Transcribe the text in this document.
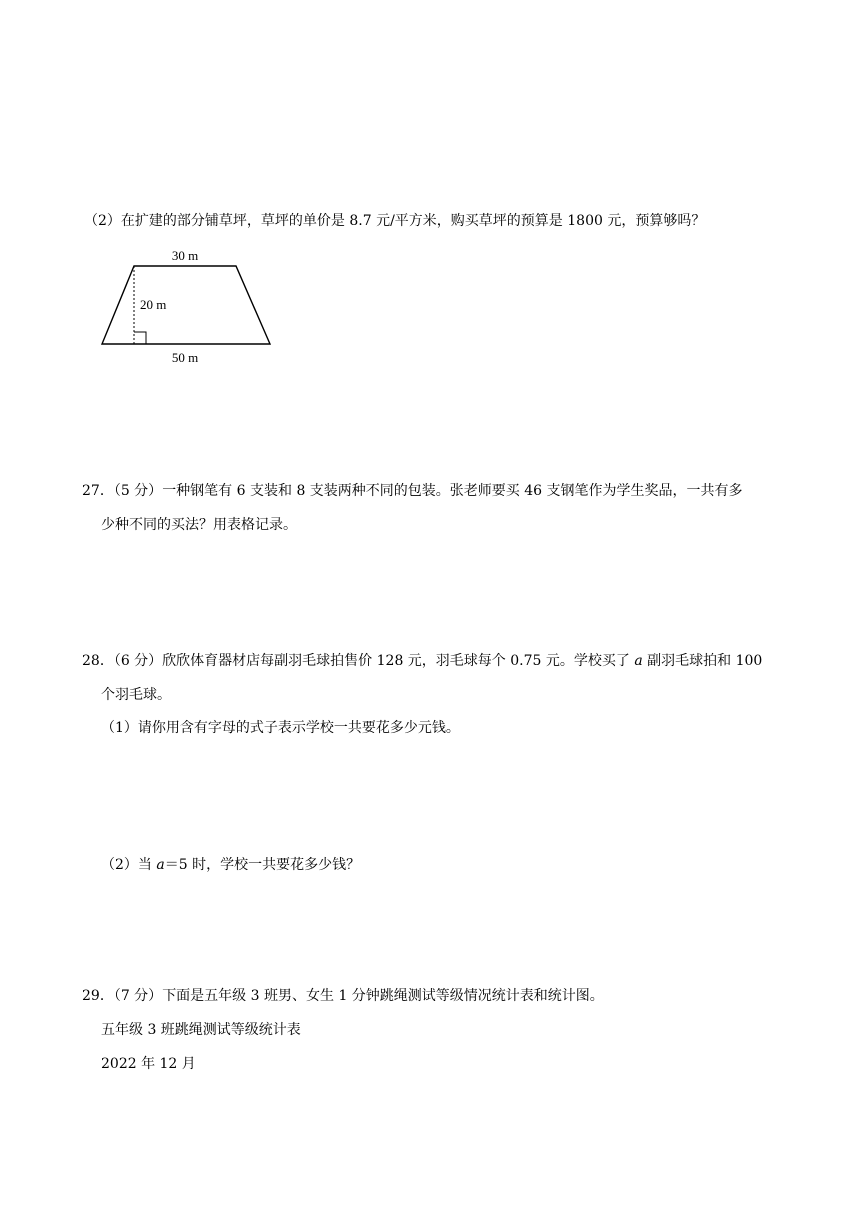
（2）在扩建的部分铺草坪，草坪的单价是 8.7 元/平方米，购买草坪的预算是 1800 元，预算够吗？
30 m
20 m
50 m
27．（5 分）一种钢笔有 6 支装和 8 支装两种不同的包装。张老师要买 46 支钢笔作为学生奖品，一共有多
少种不同的买法？用表格记录。
28．（6 分）欣欣体育器材店每副羽毛球拍售价 128 元，羽毛球每个 0.75 元。学校买了 a 副羽毛球拍和 100
个羽毛球。
（1）请你用含有字母的式子表示学校一共要花多少元钱。
（2）当 a＝5 时，学校一共要花多少钱？
29．（7 分）下面是五年级 3 班男、女生 1 分钟跳绳测试等级情况统计表和统计图。
五年级 3 班跳绳测试等级统计表
2022 年 12 月
